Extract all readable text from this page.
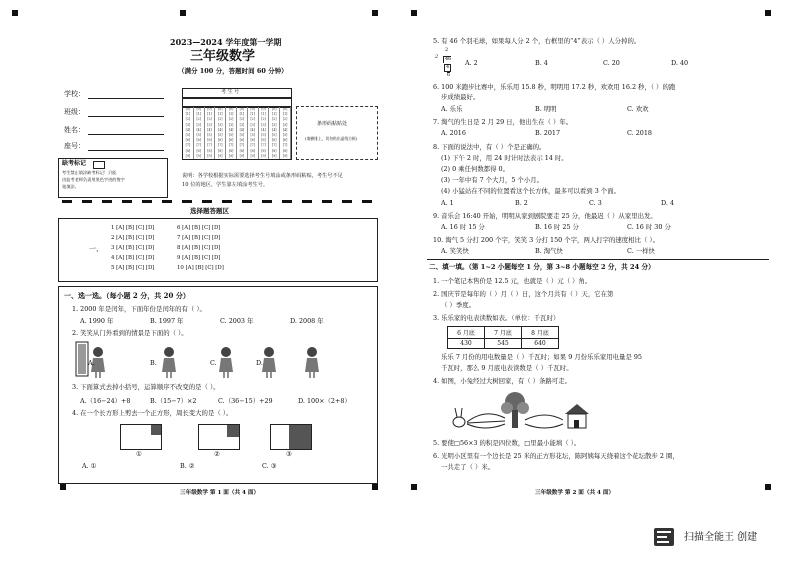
2023—2024 学年度第一学期
三年级数学
（满分 100 分，答题时间 60 分钟）
学校：
班级：
姓名：
座号：
考 生 号
[0]	[0]	[0]	[0]	[0]	[0]	[0]	[0]	[0]	[0]
[1]	[1]	[1]	[1]	[1]	[1]	[1]	[1]	[1]	[1]
[2]	[2]	[2]	[2]	[2]	[2]	[2]	[2]	[2]	[2]
[3]	[3]	[3]	[3]	[3]	[3]	[3]	[3]	[3]	[3]
[4]	[4]	[4]	[4]	[4]	[4]	[4]	[4]	[4]	[4]
[5]	[5]	[5]	[5]	[5]	[5]	[5]	[5]	[5]	[5]
[6]	[6]	[6]	[6]	[6]	[6]	[6]	[6]	[6]	[6]
[7]	[7]	[7]	[7]	[7]	[7]	[7]	[7]	[7]	[7]
[8]	[8]	[8]	[8]	[8]	[8]	[8]	[8]	[8]	[8]
[9]	[9]	[9]	[9]	[9]	[9]	[9]	[9]	[9]	[9]
条形码粘贴处
(请横排上，切勿贴出虚线方框)
缺考标记
考生禁止填涂缺考标记！只能
由监考老师负责用黑色字迹的签字
笔填涂。
说明：各学校根据实际需要选择考生号填涂或条形码粘贴，考生号不足
10 位的地区，学生靠左填涂考生号。
选择题答题区
一、
1 [A] [B] [C] [D]	6 [A] [B] [C] [D]
2 [A] [B] [C] [D]	7 [A] [B] [C] [D]
3 [A] [B] [C] [D]	8 [A] [B] [C] [D]
4 [A] [B] [C] [D]	9 [A] [B] [C] [D]
5 [A] [B] [C] [D]	10 [A] [B] [C] [D]
一、选一选。（每小题 2 分，共 20 分）
1. 2000 年是闰年，下面年份是闰年的有（ ）。
A. 1990 年	B. 1997 年	C. 2003 年	D. 2008 年
2. 笑笑从门外看到的情景是下面的（ ）。
A.	B.	C.	D.
3. 下面算式去掉小括号，运算顺序不改变的是（ ）。
A.（16−24）+8	B.（15−7）×2	C.（36−15）+29	D. 100×（2+8）
4. 在一个长方形上剪去一个正方形，周长变大的是（ ）。
①	②	③
A. ①	B. ②	C. ③
三年级数学 第 1 面（共 4 面）
5. 有 46 个羽毛球，如果每人分 2 个，右框里的“4”表示（ ）人分掉的。
2
2	46
4
6
A. 2	B. 4	C. 20	D. 40
6. 100 米跑步比赛中，乐乐用 15.8 秒，明明用 17.2 秒，欢欢用 16.2 秒，（ ）的跑
步成绩最好。
A. 乐乐	B. 明明	C. 欢欢
7. 淘气的生日是 2 月 29 日，他出生在（ ）年。
A. 2016	B. 2017	C. 2018
8. 下面的说法中，有（ ）个是正确的。
(1) 下午 2 时，用 24 时计时法表示 14 时。
(2) 0 乘任何数都得 0。
(3) 一年中有 7 个大月，5 个小月。
(4) 小猛站在不同的位置看这个长方体，最多可以看到 3 个面。
A. 1	B. 2	C. 3	D. 4
9. 音乐会 16:40 开始，明明从家到剧院要走 25 分，他最迟（ ）从家里出发。
A. 16 时 15 分	B. 16 时 25 分	C. 16 时 30 分
10. 淘气 5 分打 200 个字，笑笑 3 分打 150 个字，两人打字的速度相比（ ）。
A. 笑笑快	B. 淘气快	C. 一样快
二、填一填。（第 1~2 小题每空 1 分，第 3~8 小题每空 2 分，共 24 分）
1. 一个笔记本售价是 12.5 元，也就是（ ）元（ ）角。
2. 国庆节是每年的（ ）月（ ）日，这个月共有（ ）天，它在第
（ ）季度。
3. 乐乐家的电表读数如表。（单位：千瓦时）
6 月底	7 月底	8 月底
430	545	640
乐乐 7 月份的用电数量是（ ）千瓦时；如果 9 月份乐乐家用电量是 95
千瓦时，那么 9 月底电表读数是（ ）千瓦时。
4. 如图，小兔经过大树回家，有（ ）条路可走。
5. 要使□56×3 的积是四位数，□里最小能填（ ）。
6. 光明小区里有一个边长是 25 米的正方形花坛，陈阿姨每天绕着这个花坛散步 2 圈，
一共走了（ ）米。
三年级数学 第 2 面（共 4 面）
扫描全能王 创建
